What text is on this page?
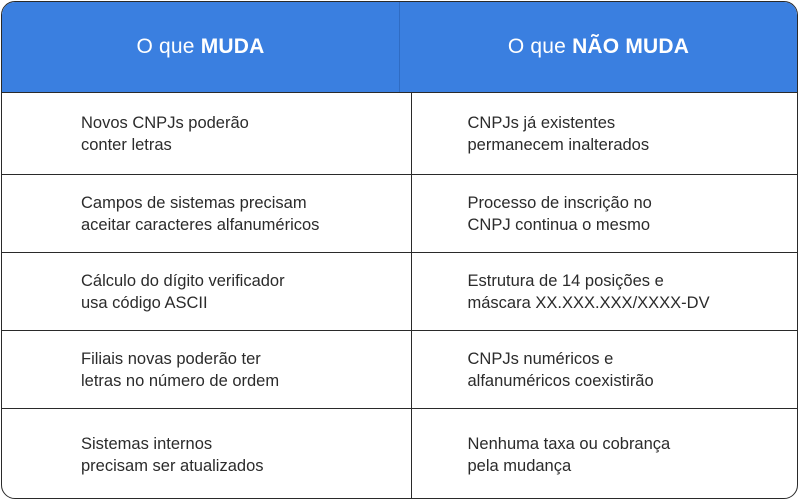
O que MUDA	O que NÃO MUDA
Novos CNPJs poderão
conter letras
CNPJs já existentes
permanecem inalterados
Campos de sistemas precisam
aceitar caracteres alfanuméricos
Processo de inscrição no
CNPJ continua o mesmo
Cálculo do dígito verificador
usa código ASCII
Estrutura de 14 posições e
máscara XX.XXX.XXX/XXXX-DV
Filiais novas poderão ter
letras no número de ordem
CNPJs numéricos e
alfanuméricos coexistirão
Sistemas internos
precisam ser atualizados
Nenhuma taxa ou cobrança
pela mudança
